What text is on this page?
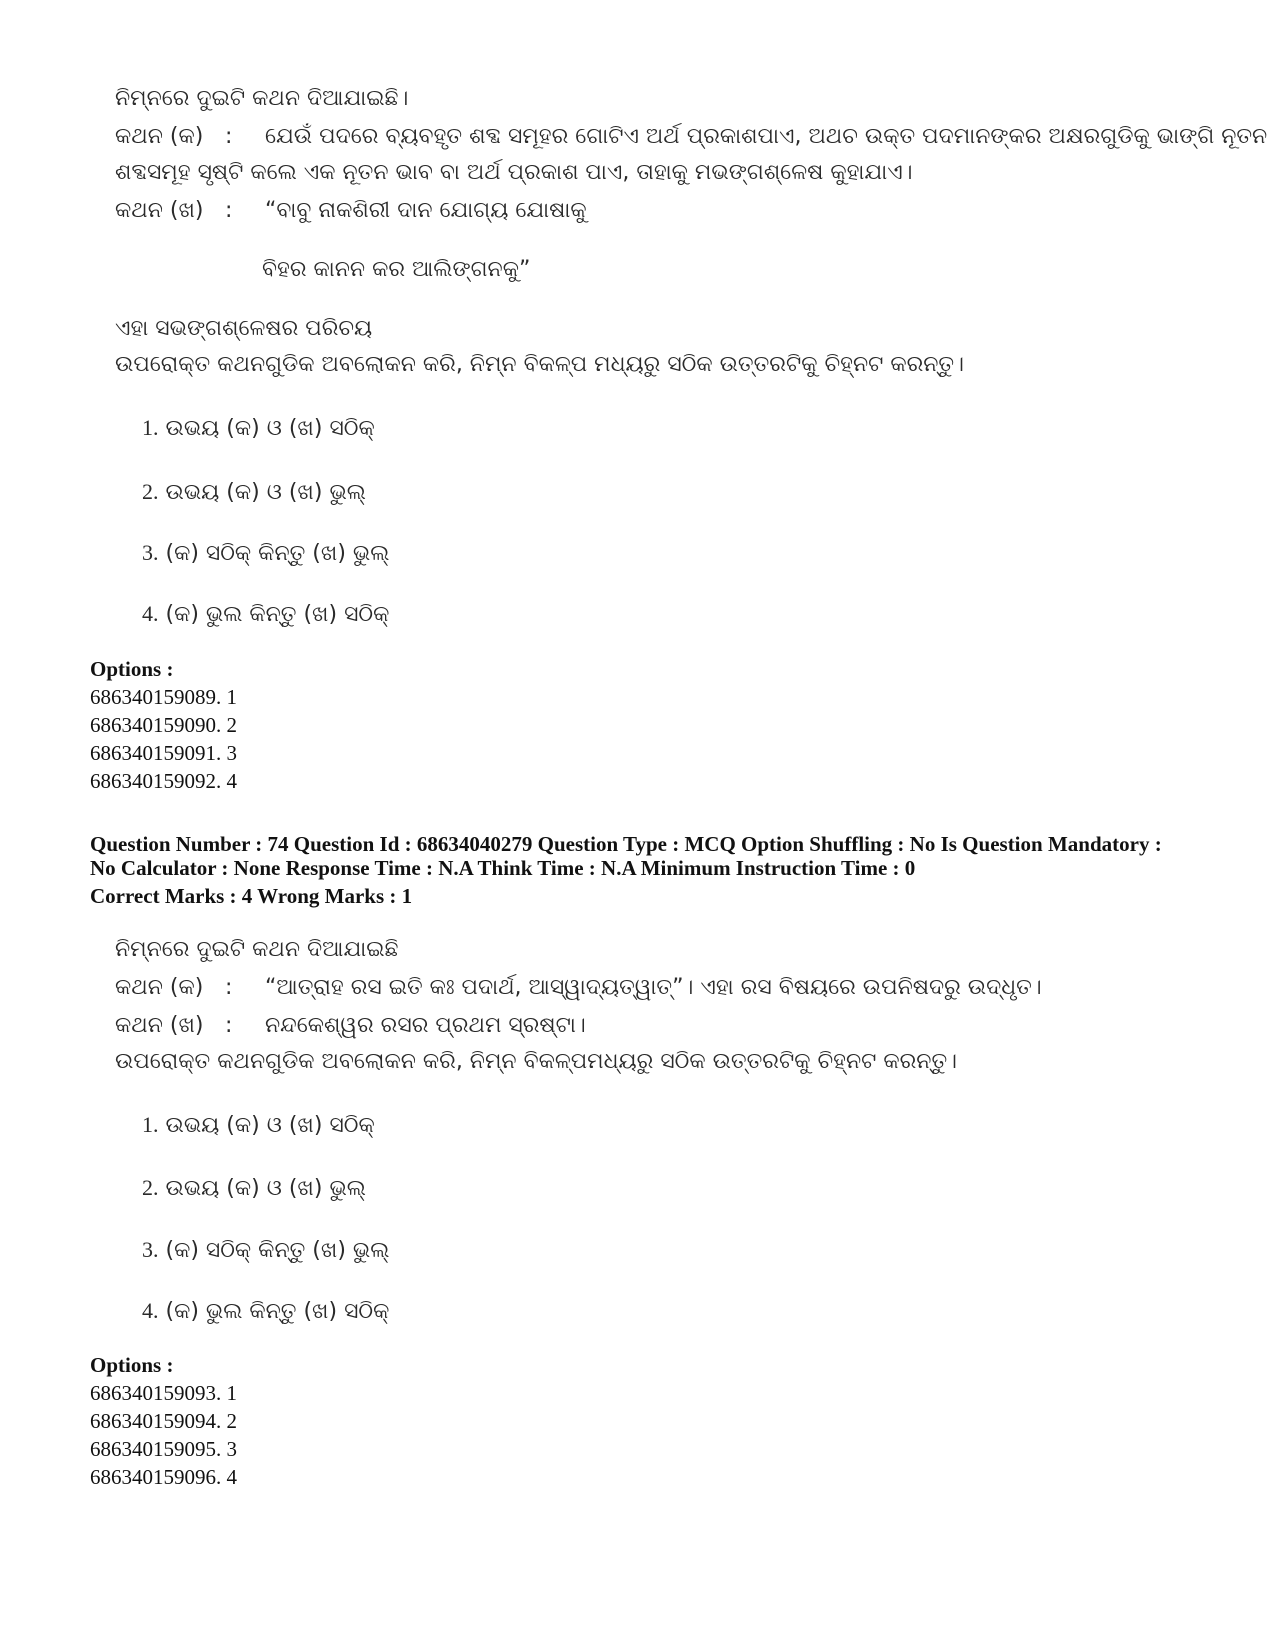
ନିମ୍ନରେ ଦୁଇଟି କଥନ ଦିଆଯାଇଛି।
କଥନ (କ) : ଯେଉଁ ପଦରେ ବ୍ୟବହୃତ ଶବ୍ଦ ସମୂହର ଗୋଟିଏ ଅର୍ଥ ପ୍ରକାଶପାଏ, ଅଥଚ ଉକ୍ତ ପଦମାନଙ୍କର ଅକ୍ଷରଗୁଡିକୁ ଭାଙ୍ଗି ନୂତନ
ଶବ୍ଦସମୂହ ସୃଷ୍ଟି କଲେ ଏକ ନୂତନ ଭାବ ବା ଅର୍ଥ ପ୍ରକାଶ ପାଏ, ତାହାକୁ ମଭଙ୍ଗଶ୍ଳେଷ କୁହାଯାଏ।
କଥନ (ଖ) : “ବାବୁ ନାକଶିରୀ ଦାନ ଯୋଗ୍ୟ ଯୋଷାକୁ
ବିହର କାନନ କର ଆଲିଙ୍ଗନକୁ”
ଏହା ସଭଙ୍ଗଶ୍ଳେଷର ପରିଚୟ
ଉପରୋକ୍ତ କଥନଗୁଡିକ ଅବଲୋକନ କରି, ନିମ୍ନ ବିକଳ୍ପ ମଧ୍ୟରୁ ସଠିକ ଉତ୍ତରଟିକୁ ଚିହ୍ନଟ କରନ୍ତୁ।
1. ଉଭୟ (କ) ଓ (ଖ) ସଠିକ୍
2. ଉଭୟ (କ) ଓ (ଖ) ଭୁଲ୍
3. (କ) ସଠିକ୍ କିନ୍ତୁ (ଖ) ଭୁଲ୍
4. (କ) ଭୁଲ କିନ୍ତୁ (ଖ) ସଠିକ୍
Options :
686340159089. 1
686340159090. 2
686340159091. 3
686340159092. 4
Question Number : 74 Question Id : 68634040279 Question Type : MCQ Option Shuffling : No Is Question Mandatory :
No Calculator : None Response Time : N.A Think Time : N.A Minimum Instruction Time : 0
Correct Marks : 4 Wrong Marks : 1
ନିମ୍ନରେ ଦୁଇଟି କଥନ ଦିଆଯାଇଛି
କଥନ (କ) : “ଆତ୍ରାହ ରସ ଇତି କଃ ପଦାର୍ଥ, ଆସ୍ୱାଦ୍ୟତ୍ୱାତ୍”। ଏହା ରସ ବିଷୟରେ ଉପନିଷଦରୁ ଉଦ୍ଧୃତ।
କଥନ (ଖ) : ନନ୍ଦକେଶ୍ୱର ରସର ପ୍ରଥମ ସ୍ରଷ୍ଟା।
ଉପରୋକ୍ତ କଥନଗୁଡିକ ଅବଲୋକନ କରି, ନିମ୍ନ ବିକଳ୍ପମଧ୍ୟରୁ ସଠିକ ଉତ୍ତରଟିକୁ ଚିହ୍ନଟ କରନ୍ତୁ।
1. ଉଭୟ (କ) ଓ (ଖ) ସଠିକ୍
2. ଉଭୟ (କ) ଓ (ଖ) ଭୁଲ୍
3. (କ) ସଠିକ୍ କିନ୍ତୁ (ଖ) ଭୁଲ୍
4. (କ) ଭୁଲ କିନ୍ତୁ (ଖ) ସଠିକ୍
Options :
686340159093. 1
686340159094. 2
686340159095. 3
686340159096. 4
